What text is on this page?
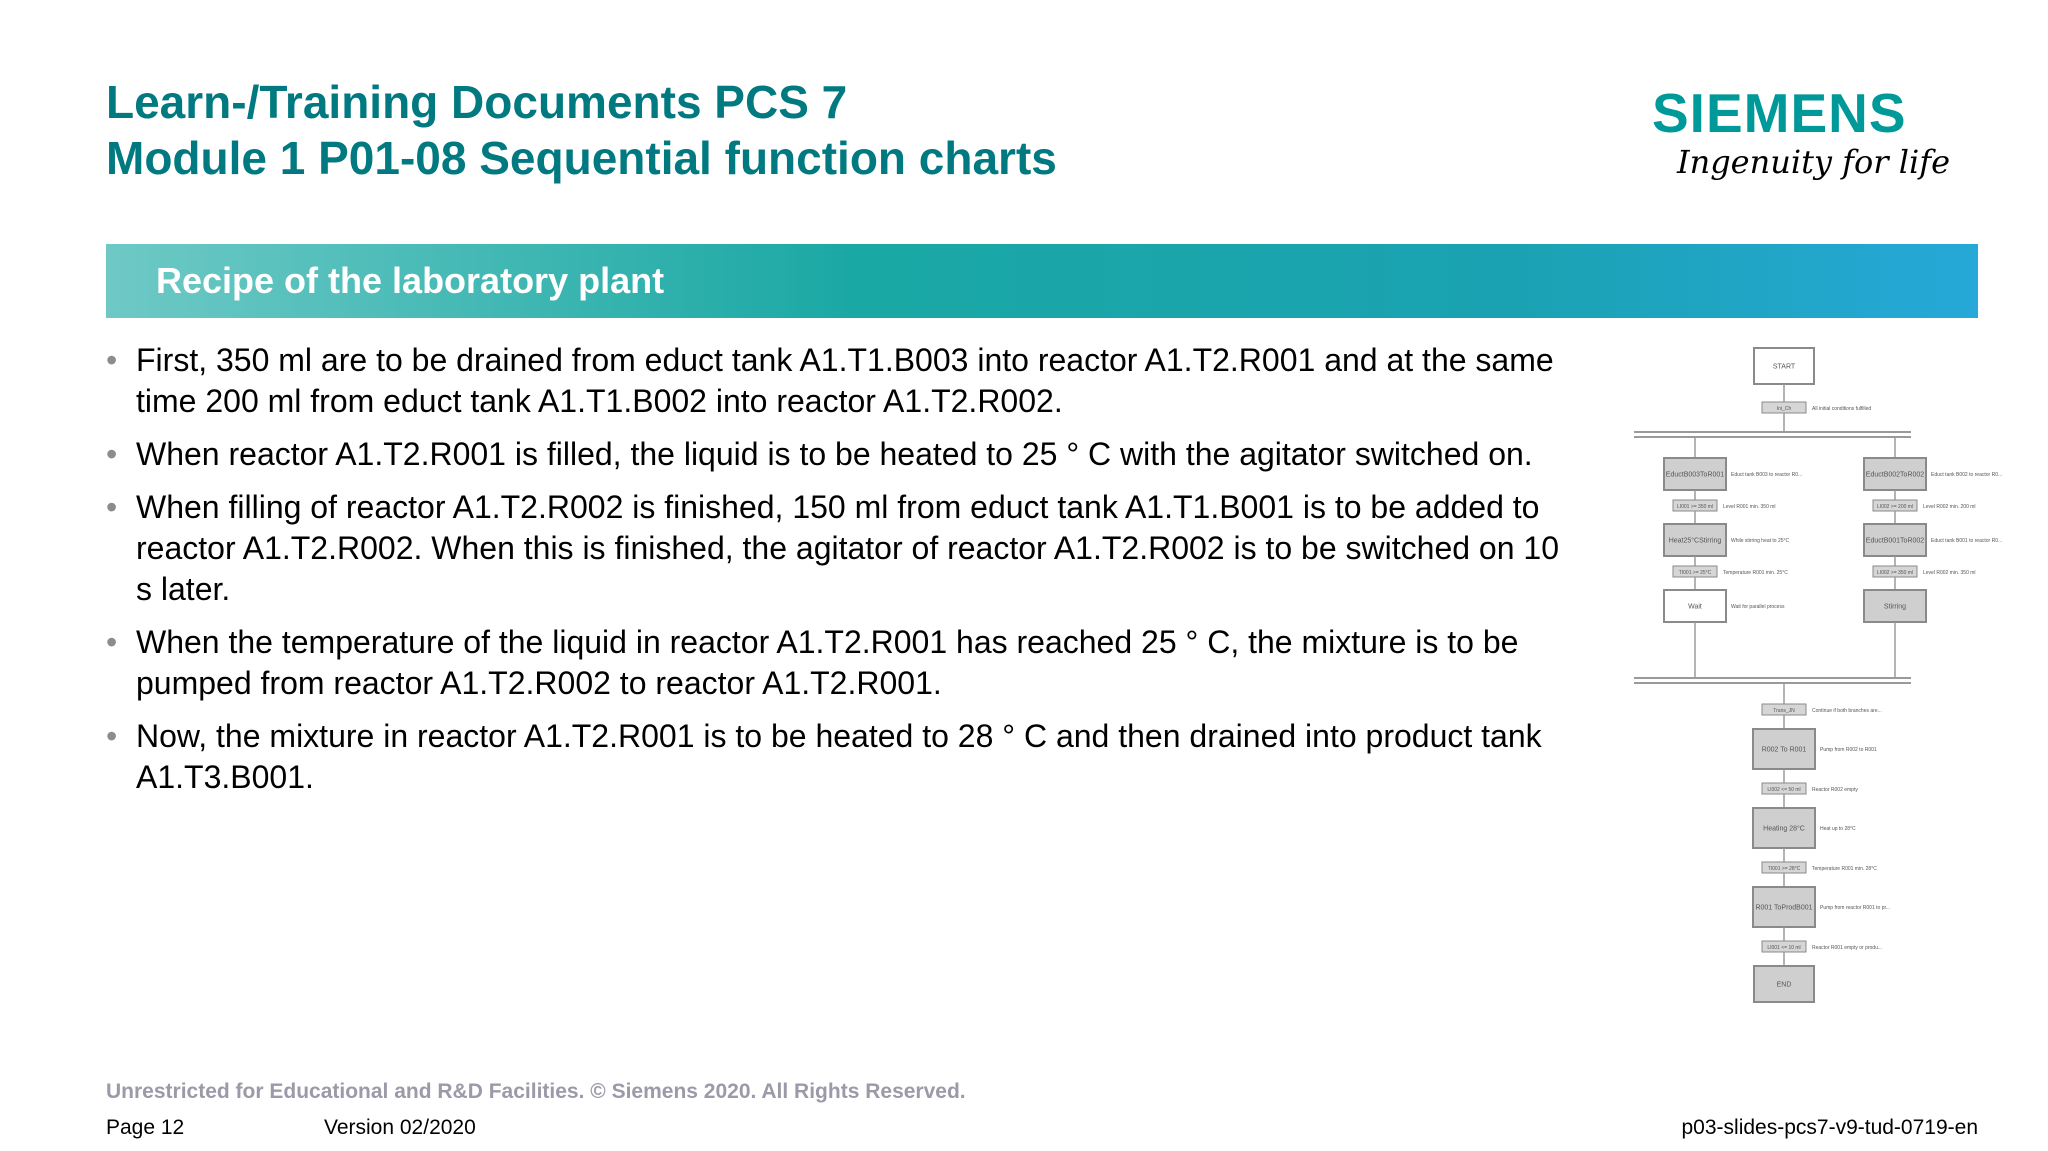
Learn-/Training Documents PCS 7
Module 1 P01-08 Sequential function charts
SIEMENS
Ingenuity for life
Recipe of the laboratory plant
• First, 350 ml are to be drained from educt tank A1.T1.B003 into reactor A1.T2.R001 and at the same time 200 ml from educt tank A1.T1.B002 into reactor A1.T2.R002.
• When reactor A1.T2.R001 is filled, the liquid is to be heated to 25 ° C with the agitator switched on.
• When filling of reactor A1.T2.R002 is finished, 150 ml from educt tank A1.T1.B001 is to be added to reactor A1.T2.R002. When this is finished, the agitator of reactor A1.T2.R002 is to be switched on 10 s later.
• When the temperature of the liquid in reactor A1.T2.R001 has reached 25 ° C, the mixture is to be pumped from reactor A1.T2.R002 to reactor A1.T2.R001.
• Now, the mixture in reactor A1.T2.R001 is to be heated to 28 ° C and then drained into product tank A1.T3.B001.
START
Ini_Ch	All initial conditions fulfilled
EductB003ToR001 Educt tank B003 to reactor R0...
LI001 >= 350 ml Level R001 min. 350 ml
Heat25°CStirring While stirring heat to 25°C
TI001 >= 25°C Temperature R001 min. 25°C
Wait	Wait for parallel process
EductB002ToR002 Educt tank B002 to reactor R0...
LI002 >= 200 ml Level R002 min. 200 ml
EductB001ToR002 Educt tank B001 to reactor R0...
LI002 >= 350 ml Level R002 min. 350 ml
Stirring
Trans_JN	Continue if both branches are...
R002 To R001	Pump from R002 to R001
LI002 <= 50 ml Reactor R002 empty
Heating 28°C	Heat up to 28°C
TI001 >= 28°C Temperature R001 min. 28°C
R001 ToProdB001 Pump from reactor R001 to pr...
LI001 <= 10 ml Reactor R001 empty or produ...
END
Unrestricted for Educational and R&D Facilities. © Siemens 2020. All Rights Reserved.
Page 12	Version 02/2020	p03-slides-pcs7-v9-tud-0719-en
